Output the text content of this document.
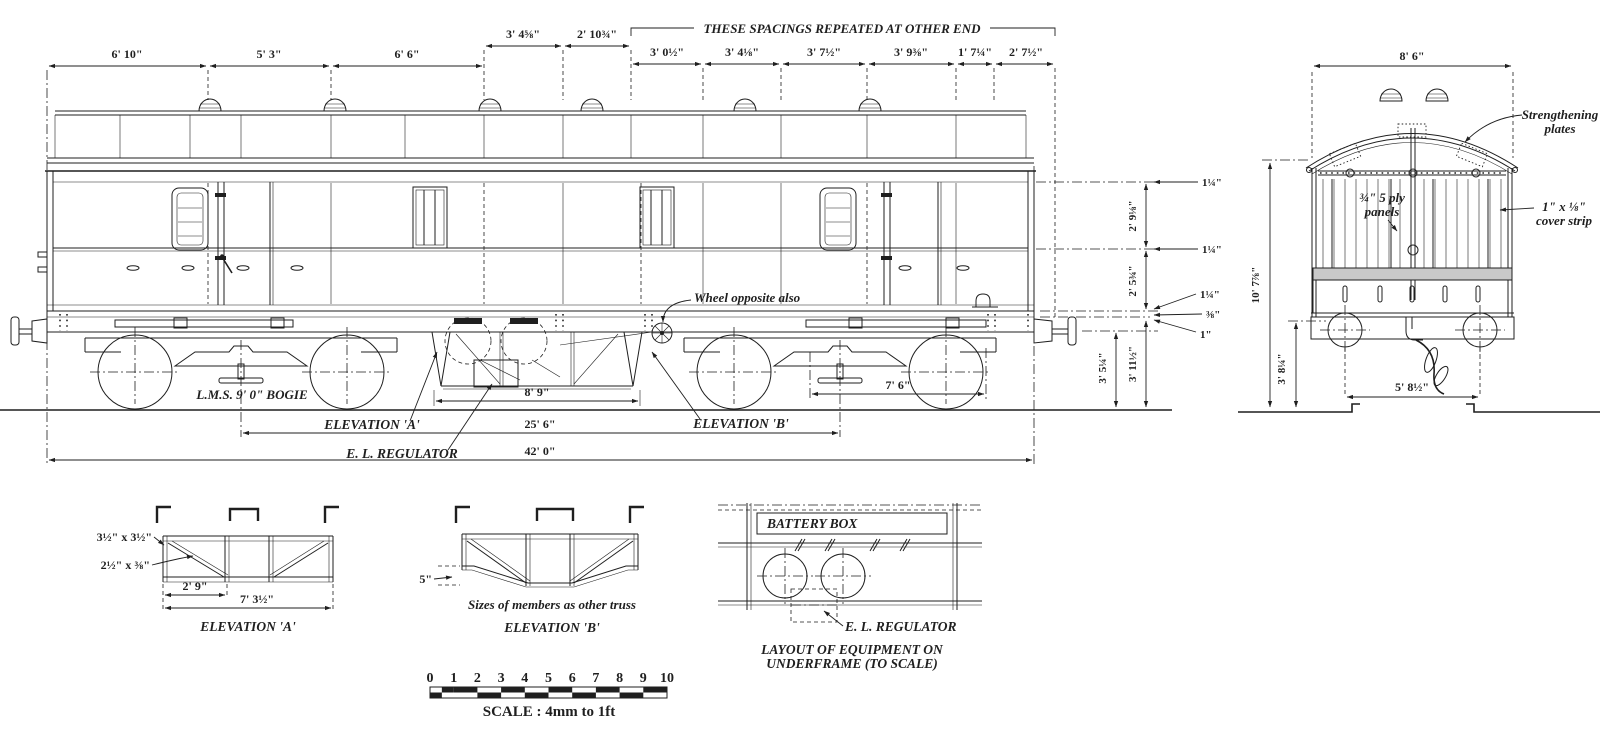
6' 10"	5' 3"	6' 6"
3' 4⅝"	2' 10¾"	THESE SPACINGS REPEATED AT OTHER END
3' 0½"	3' 4⅛"	3' 7½"	3' 9⅜"	1' 7¼" 2' 7½"
1¼"
2' 9⅛"
1¼"
2' 5¾"	1¼"
⅜"
1"
3' 11½"
3' 5¼"
8' 9"
25' 6"
42' 0"
7' 6"
L.M.S. 9' 0" BOGIE
Wheel opposite also
ELEVATION 'A'	ELEVATION 'B'
E. L. REGULATOR
8' 6"
10' 7⅞"
3' 8¼"
5' 8½"
Strengthening
plates
¾" 5 ply
panels	1" x ⅛"
cover strip
2' 9"
7' 3½"
ELEVATION 'A'
3½" x 3½"
2½" x ⅜"
5"
Sizes of members as other truss
ELEVATION 'B'
BATTERY BOX
E. L. REGULATOR
LAYOUT OF EQUIPMENT ON
UNDERFRAME (TO SCALE)
0 1 2 3 4 5 6 7 8 9 10
SCALE : 4mm to 1ft
